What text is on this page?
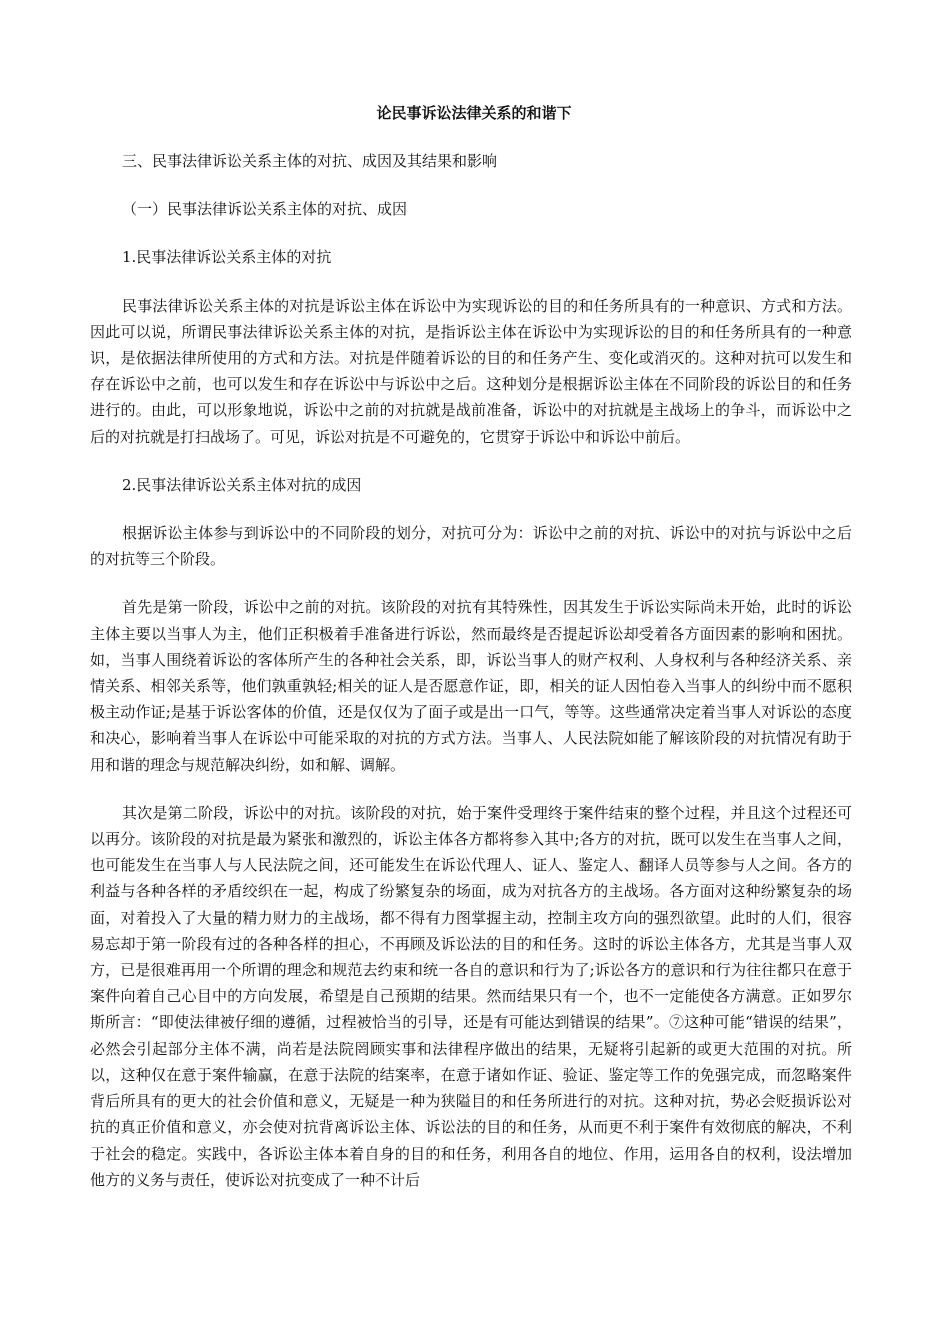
论民事诉讼法律关系的和谐下
三、民事法律诉讼关系主体的对抗、成因及其结果和影响
（一）民事法律诉讼关系主体的对抗、成因
1.民事法律诉讼关系主体的对抗
民事法律诉讼关系主体的对抗是诉讼主体在诉讼中为实现诉讼的目的和任务所具有的一种意识、方式和方法。因此可以说，所谓民事法律诉讼关系主体的对抗，是指诉讼主体在诉讼中为实现诉讼的目的和任务所具有的一种意识，是依据法律所使用的方式和方法。对抗是伴随着诉讼的目的和任务产生、变化或消灭的。这种对抗可以发生和存在诉讼中之前，也可以发生和存在诉讼中与诉讼中之后。这种划分是根据诉讼主体在不同阶段的诉讼目的和任务进行的。由此，可以形象地说，诉讼中之前的对抗就是战前准备，诉讼中的对抗就是主战场上的争斗，而诉讼中之后的对抗就是打扫战场了。可见，诉讼对抗是不可避免的，它贯穿于诉讼中和诉讼中前后。
2.民事法律诉讼关系主体对抗的成因
根据诉讼主体参与到诉讼中的不同阶段的划分，对抗可分为：诉讼中之前的对抗、诉讼中的对抗与诉讼中之后的对抗等三个阶段。
首先是第一阶段，诉讼中之前的对抗。该阶段的对抗有其特殊性，因其发生于诉讼实际尚未开始，此时的诉讼主体主要以当事人为主，他们正积极着手准备进行诉讼，然而最终是否提起诉讼却受着各方面因素的影响和困扰。如，当事人围绕着诉讼的客体所产生的各种社会关系，即，诉讼当事人的财产权利、人身权利与各种经济关系、亲情关系、相邻关系等，他们孰重孰轻;相关的证人是否愿意作证，即，相关的证人因怕卷入当事人的纠纷中而不愿积极主动作证;是基于诉讼客体的价值，还是仅仅为了面子或是出一口气，等等。这些通常决定着当事人对诉讼的态度和决心，影响着当事人在诉讼中可能采取的对抗的方式方法。当事人、人民法院如能了解该阶段的对抗情况有助于用和谐的理念与规范解决纠纷，如和解、调解。
其次是第二阶段，诉讼中的对抗。该阶段的对抗，始于案件受理终于案件结束的整个过程，并且这个过程还可以再分。该阶段的对抗是最为紧张和激烈的，诉讼主体各方都将参入其中;各方的对抗，既可以发生在当事人之间，也可能发生在当事人与人民法院之间，还可能发生在诉讼代理人、证人、鉴定人、翻译人员等参与人之间。各方的利益与各种各样的矛盾绞织在一起，构成了纷繁复杂的场面，成为对抗各方的主战场。各方面对这种纷繁复杂的场面，对着投入了大量的精力财力的主战场，都不得有力图掌握主动，控制主攻方向的强烈欲望。此时的人们，很容易忘却于第一阶段有过的各种各样的担心，不再顾及诉讼法的目的和任务。这时的诉讼主体各方，尤其是当事人双方，已是很难再用一个所谓的理念和规范去约束和统一各自的意识和行为了;诉讼各方的意识和行为往往都只在意于案件向着自己心目中的方向发展，希望是自己预期的结果。然而结果只有一个，也不一定能使各方满意。正如罗尔斯所言：“即使法律被仔细的遵循，过程被恰当的引导，还是有可能达到错误的结果”。⑦这种可能“错误的结果”，必然会引起部分主体不满，尚若是法院罔顾实事和法律程序做出的结果，无疑将引起新的或更大范围的对抗。所以，这种仅在意于案件输赢，在意于法院的结案率，在意于诸如作证、验证、鉴定等工作的免强完成，而忽略案件背后所具有的更大的社会价值和意义，无疑是一种为狭隘目的和任务所进行的对抗。这种对抗，势必会贬损诉讼对抗的真正价值和意义，亦会使对抗背离诉讼主体、诉讼法的目的和任务，从而更不利于案件有效彻底的解决，不利于社会的稳定。实践中，各诉讼主体本着自身的目的和任务，利用各自的地位、作用，运用各自的权利，设法增加他方的义务与责任，使诉讼对抗变成了一种不计后
